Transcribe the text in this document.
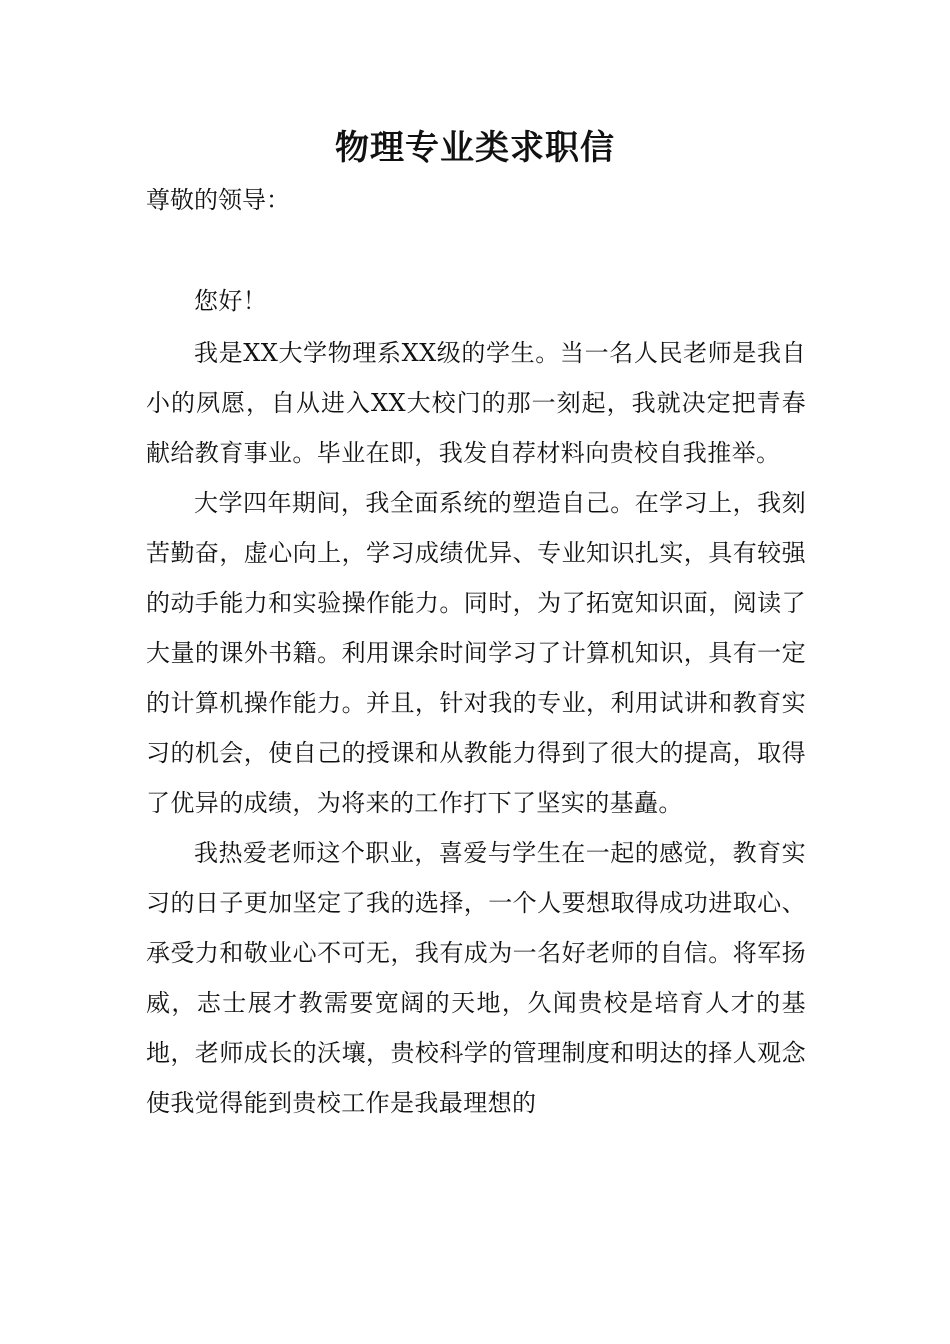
物理专业类求职信

尊敬的领导：

您好！

我是XX大学物理系XX级的学生。当一名人民老师是我自小的夙愿，自从进入XX大校门的那一刻起，我就决定把青春献给教育事业。毕业在即，我发自荐材料向贵校自我推举。

大学四年期间，我全面系统的塑造自己。在学习上，我刻苦勤奋，虚心向上，学习成绩优异、专业知识扎实，具有较强的动手能力和实验操作能力。同时，为了拓宽知识面，阅读了大量的课外书籍。利用课余时间学习了计算机知识，具有一定的计算机操作能力。并且，针对我的专业，利用试讲和教育实习的机会，使自己的授课和从教能力得到了很大的提高，取得了优异的成绩，为将来的工作打下了坚实的基矗。

我热爱老师这个职业，喜爱与学生在一起的感觉，教育实习的日子更加坚定了我的选择，一个人要想取得成功进取心、承受力和敬业心不可无，我有成为一名好老师的自信。将军扬威，志士展才教需要宽阔的天地，久闻贵校是培育人才的基地，老师成长的沃壤，贵校科学的管理制度和明达的择人观念使我觉得能到贵校工作是我最理想的
